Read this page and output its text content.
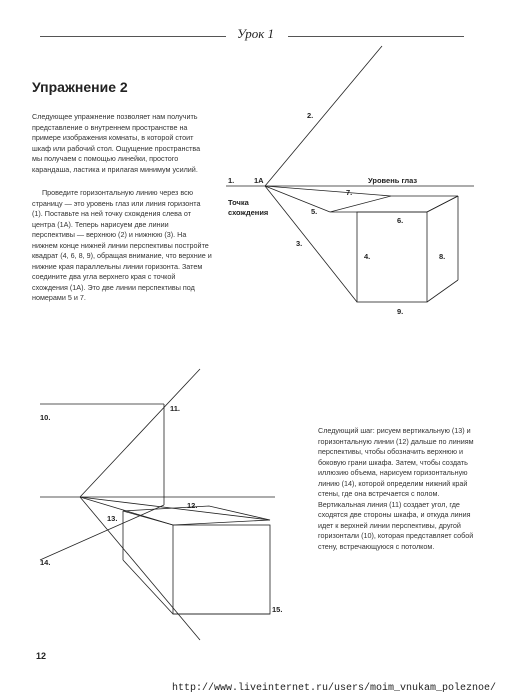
Урок 1
Упражнение 2

Следующее упражнение позволяет нам получить представление о внутреннем пространстве на примере изображения комнаты, в которой стоит шкаф или рабочий стол. Ощущение пространства мы получаем с помощью линейки, простого карандаша, ластика и прилагая минимум усилий.

Проведите горизонтальную линию через всю страницу — это уровень глаз или линия горизонта (1). Поставьте на ней точку схождения слева от центра (1А). Теперь нарисуем две линии перспективы — верхнюю (2) и нижнюю (3). На нижнем конце нижней линии перспективы постройте квадрат (4, 6, 8, 9), обращая внимание, что верхние и нижние края параллельны линии горизонта. Затем соедините два угла верхнего края с точкой схождения (1А). Это две линии перспективы под номерами 5 и 7.

1.	1A	Уровень глаз
Точка
схождения
2.
3.
4.
5.
6.
7.
8.
9.
10.
11.
12.
13.
14.
15.

Следующий шаг: рисуем вертикальную (13) и горизонтальную линии (12) дальше по линиям перспективы, чтобы обозначить верхнюю и боковую грани шкафа. Затем, чтобы создать иллюзию объема, нарисуем горизонтальную линию (14), которой определим нижний край стены, где она встречается с полом. Вертикальная линия (11) создает угол, где сходятся две стороны шкафа, и откуда линия идет к верхней линии перспективы, другой горизонтали (10), которая представляет собой стену, встречающуюся с потолком.

12
http://www.liveinternet.ru/users/moim_vnukam_poleznoe/
